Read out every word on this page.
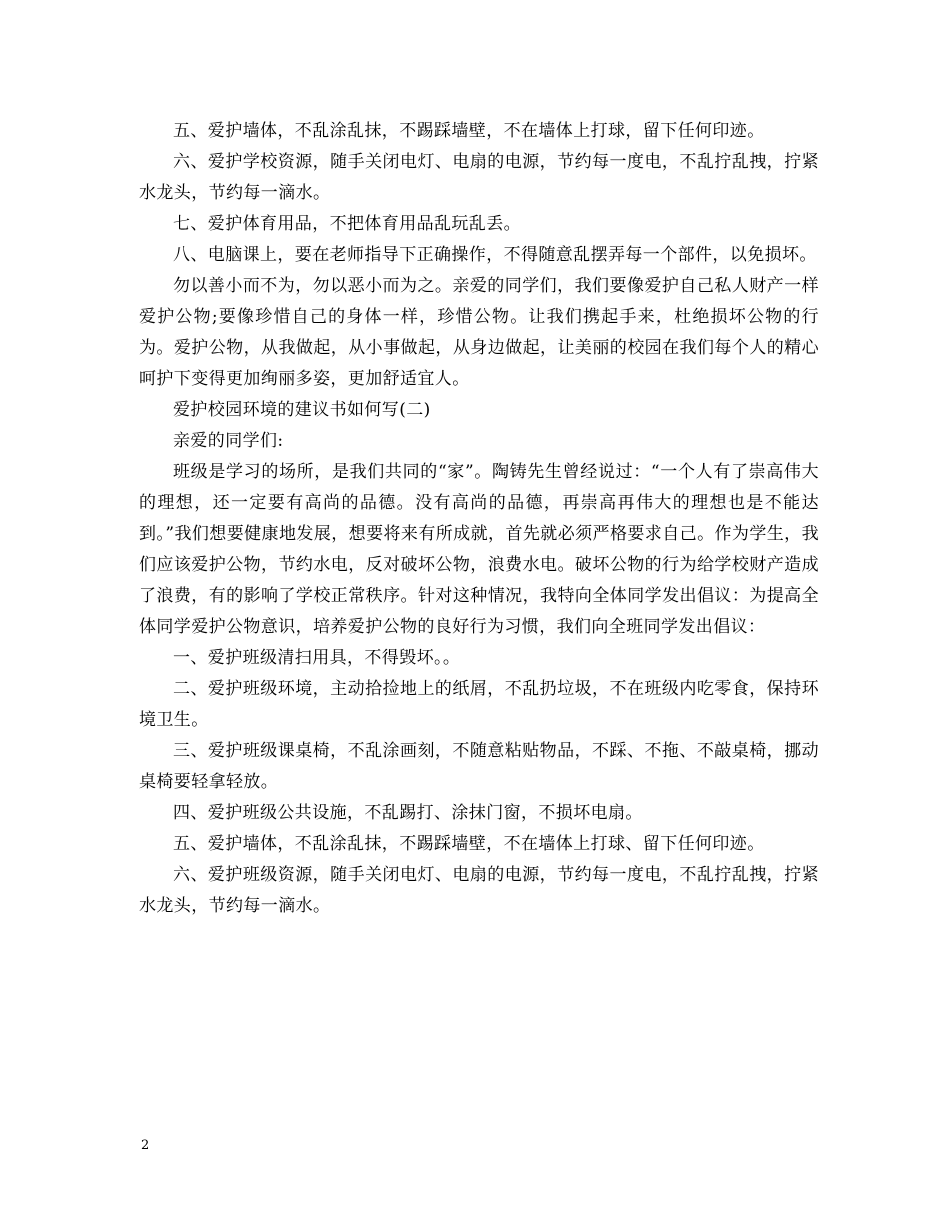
五、爱护墙体，不乱涂乱抹，不踢踩墙壁，不在墙体上打球，留下任何印迹。

六、爱护学校资源，随手关闭电灯、电扇的电源，节约每一度电，不乱拧乱拽，拧紧水龙头，节约每一滴水。

七、爱护体育用品，不把体育用品乱玩乱丢。

八、电脑课上，要在老师指导下正确操作，不得随意乱摆弄每一个部件，以免损坏。

勿以善小而不为，勿以恶小而为之。亲爱的同学们，我们要像爱护自己私人财产一样爱护公物;要像珍惜自己的身体一样，珍惜公物。让我们携起手来，杜绝损坏公物的行为。爱护公物，从我做起，从小事做起，从身边做起，让美丽的校园在我们每个人的精心呵护下变得更加绚丽多姿，更加舒适宜人。

爱护校园环境的建议书如何写(二)

亲爱的同学们:

班级是学习的场所，是我们共同的“家”。陶铸先生曾经说过：“一个人有了崇高伟大的理想，还一定要有高尚的品德。没有高尚的品德，再崇高再伟大的理想也是不能达到。”我们想要健康地发展，想要将来有所成就，首先就必须严格要求自己。作为学生，我们应该爱护公物，节约水电，反对破坏公物，浪费水电。破坏公物的行为给学校财产造成了浪费，有的影响了学校正常秩序。针对这种情况，我特向全体同学发出倡议：为提高全体同学爱护公物意识，培养爱护公物的良好行为习惯，我们向全班同学发出倡议：

一、爱护班级清扫用具，不得毁坏。。

二、爱护班级环境，主动拾捡地上的纸屑，不乱扔垃圾，不在班级内吃零食，保持环境卫生。

三、爱护班级课桌椅，不乱涂画刻，不随意粘贴物品，不踩、不拖、不敲桌椅，挪动桌椅要轻拿轻放。

四、爱护班级公共设施，不乱踢打、涂抹门窗，不损坏电扇。

五、爱护墙体，不乱涂乱抹，不踢踩墙壁，不在墙体上打球、留下任何印迹。

六、爱护班级资源，随手关闭电灯、电扇的电源，节约每一度电，不乱拧乱拽，拧紧水龙头，节约每一滴水。

2
